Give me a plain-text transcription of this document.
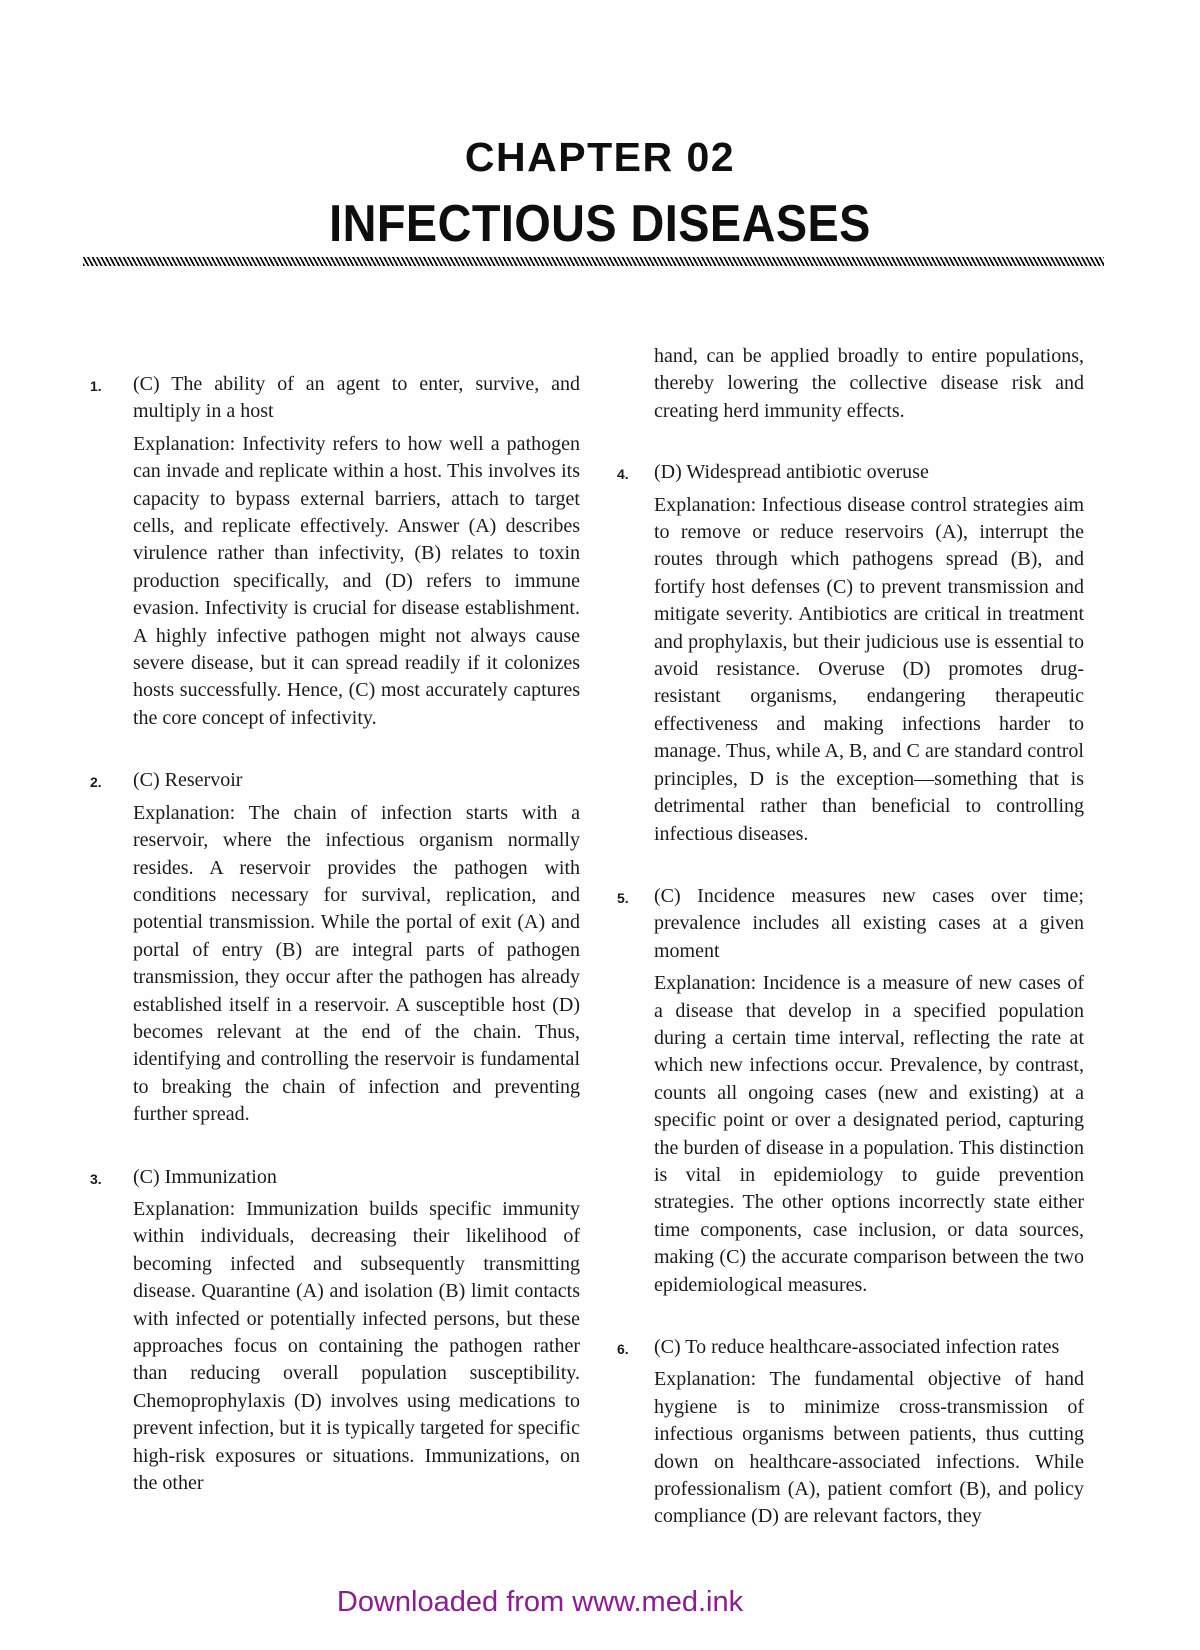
CHAPTER 02
INFECTIOUS DISEASES
1.	(C) The ability of an agent to enter, survive, and multiply in a host

Explanation: Infectivity refers to how well a pathogen can invade and replicate within a host. This involves its capacity to bypass external barriers, attach to target cells, and replicate effectively. Answer (A) describes virulence rather than infectivity, (B) relates to toxin production specifically, and (D) refers to immune evasion. Infectivity is crucial for disease establishment. A highly infective pathogen might not always cause severe disease, but it can spread readily if it colonizes hosts successfully. Hence, (C) most accurately captures the core concept of infectivity.

2.	(C) Reservoir

Explanation: The chain of infection starts with a reservoir, where the infectious organism normally resides. A reservoir provides the pathogen with conditions necessary for survival, replication, and potential transmission. While the portal of exit (A) and portal of entry (B) are integral parts of pathogen transmission, they occur after the pathogen has already established itself in a reservoir. A susceptible host (D) becomes relevant at the end of the chain. Thus, identifying and controlling the reservoir is fundamental to breaking the chain of infection and preventing further spread.

3.	(C) Immunization

Explanation: Immunization builds specific immunity within individuals, decreasing their likelihood of becoming infected and subsequently transmitting disease. Quarantine (A) and isolation (B) limit contacts with infected or potentially infected persons, but these approaches focus on containing the pathogen rather than reducing overall population susceptibility. Chemoprophylaxis (D) involves using medications to prevent infection, but it is typically targeted for specific high-risk exposures or situations. Immunizations, on the other

hand, can be applied broadly to entire populations, thereby lowering the collective disease risk and creating herd immunity effects.

4.	(D) Widespread antibiotic overuse

Explanation: Infectious disease control strategies aim to remove or reduce reservoirs (A), interrupt the routes through which pathogens spread (B), and fortify host defenses (C) to prevent transmission and mitigate severity. Antibiotics are critical in treatment and prophylaxis, but their judicious use is essential to avoid resistance. Overuse (D) promotes drug-resistant organisms, endangering therapeutic effectiveness and making infections harder to manage. Thus, while A, B, and C are standard control principles, D is the exception—something that is detrimental rather than beneficial to controlling infectious diseases.

5.	(C) Incidence measures new cases over time; prevalence includes all existing cases at a given moment

Explanation: Incidence is a measure of new cases of a disease that develop in a specified population during a certain time interval, reflecting the rate at which new infections occur. Prevalence, by contrast, counts all ongoing cases (new and existing) at a specific point or over a designated period, capturing the burden of disease in a population. This distinction is vital in epidemiology to guide prevention strategies. The other options incorrectly state either time components, case inclusion, or data sources, making (C) the accurate comparison between the two epidemiological measures.

6.	(C) To reduce healthcare-associated infection rates

Explanation: The fundamental objective of hand hygiene is to minimize cross-transmission of infectious organisms between patients, thus cutting down on healthcare-associated infections. While professionalism (A), patient comfort (B), and policy compliance (D) are relevant factors, they

Downloaded from www.med.ink
